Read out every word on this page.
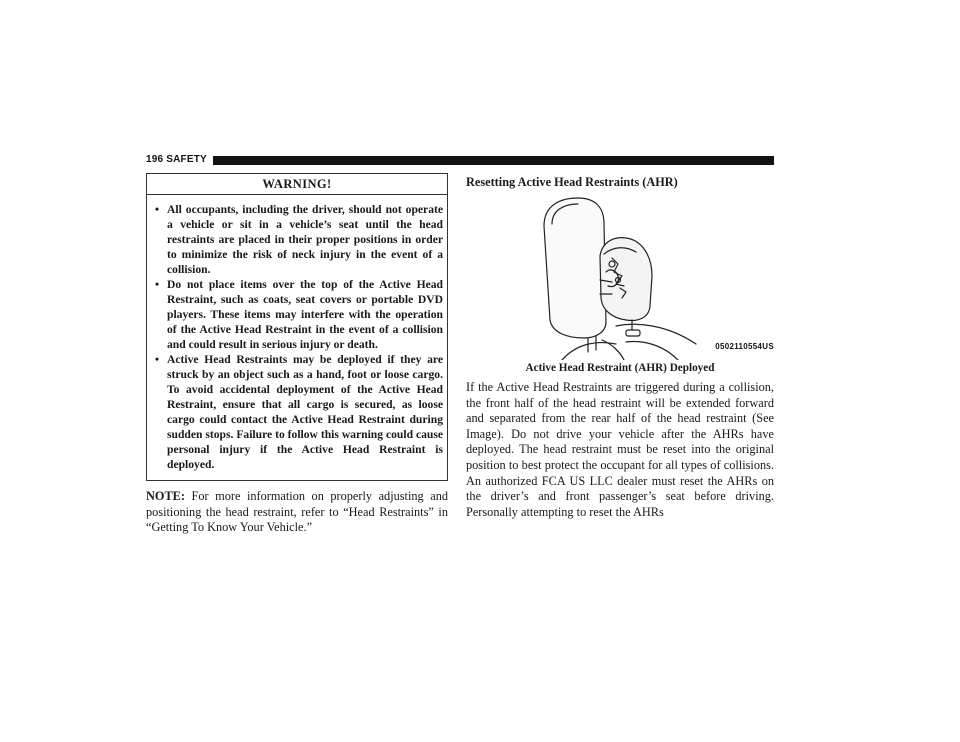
196 SAFETY
WARNING!
• All occupants, including the driver, should not operate a vehicle or sit in a vehicle’s seat until the head restraints are placed in their proper positions in order to minimize the risk of neck injury in the event of a collision.
• Do not place items over the top of the Active Head Restraint, such as coats, seat covers or portable DVD players. These items may interfere with the operation of the Active Head Restraint in the event of a collision and could result in serious injury or death.
• Active Head Restraints may be deployed if they are struck by an object such as a hand, foot or loose cargo. To avoid accidental deployment of the Active Head Restraint, ensure that all cargo is secured, as loose cargo could contact the Active Head Restraint during sudden stops. Failure to follow this warning could cause personal injury if the Active Head Restraint is deployed.

NOTE: For more information on properly adjusting and positioning the head restraint, refer to “Head Restraints” in “Getting To Know Your Vehicle.”

Resetting Active Head Restraints (AHR)
0502110554US
Active Head Restraint (AHR) Deployed

If the Active Head Restraints are triggered during a collision, the front half of the head restraint will be extended forward and separated from the rear half of the head restraint (See Image). Do not drive your vehicle after the AHRs have deployed. The head restraint must be reset into the original position to best protect the occupant for all types of collisions. An authorized FCA US LLC dealer must reset the AHRs on the driver’s and front passenger’s seat before driving. Personally attempting to reset the AHRs
